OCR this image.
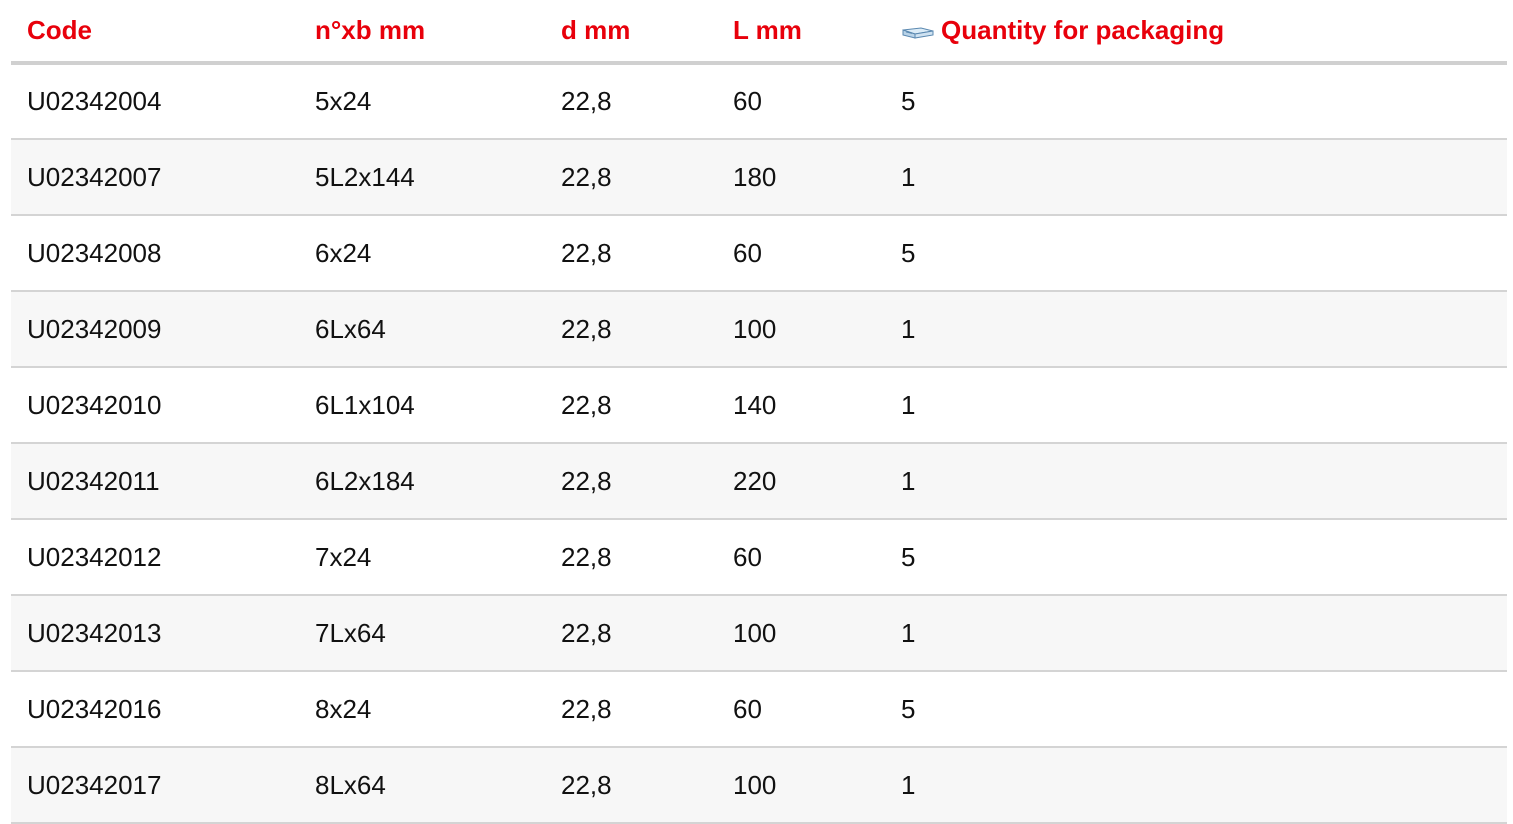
Code	n°xb mm	d mm	L mm	Quantity for packaging
U02342004	5x24	22,8	60	5
U02342007	5L2x144	22,8	180	1
U02342008	6x24	22,8	60	5
U02342009	6Lx64	22,8	100	1
U02342010	6L1x104	22,8	140	1
U02342011	6L2x184	22,8	220	1
U02342012	7x24	22,8	60	5
U02342013	7Lx64	22,8	100	1
U02342016	8x24	22,8	60	5
U02342017	8Lx64	22,8	100	1
